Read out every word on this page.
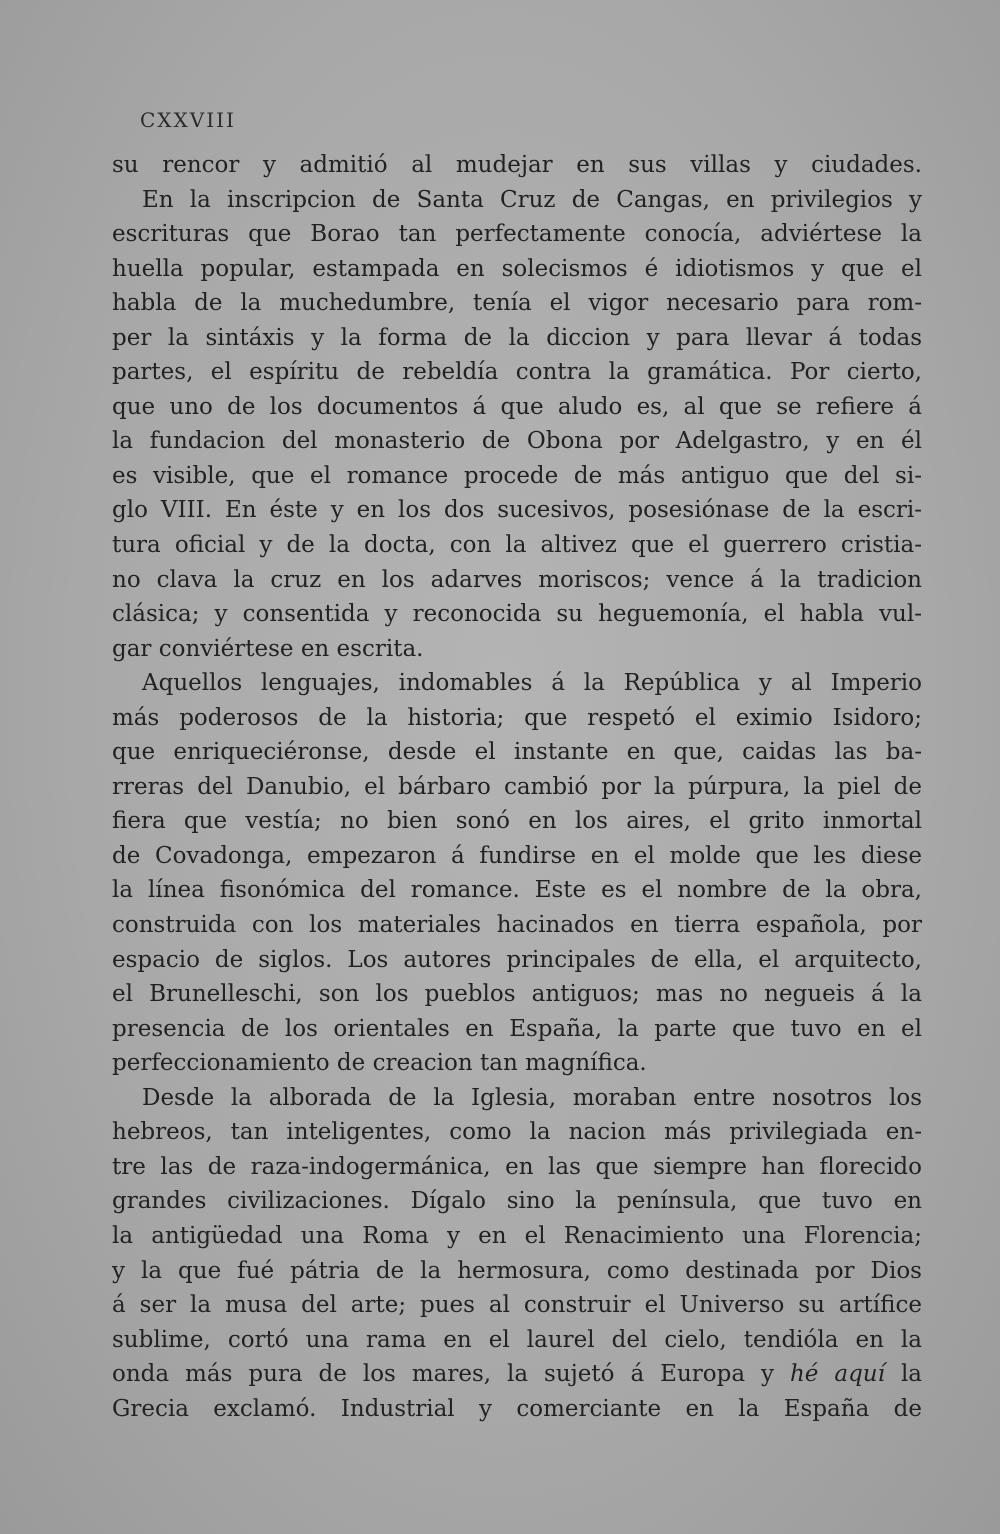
CXXVIII
su rencor y admitió al mudejar en sus villas y ciudades.
En la inscripcion de Santa Cruz de Cangas, en privilegios y
escrituras que Borao tan perfectamente conocía, adviértese la
huella popular, estampada en solecismos é idiotismos y que el
habla de la muchedumbre, tenía el vigor necesario para rom-
per la sintáxis y la forma de la diccion y para llevar á todas
partes, el espíritu de rebeldía contra la gramática. Por cierto,
que uno de los documentos á que aludo es, al que se refiere á
la fundacion del monasterio de Obona por Adelgastro, y en él
es visible, que el romance procede de más antiguo que del si-
glo VIII. En éste y en los dos sucesivos, posesiónase de la escri-
tura oficial y de la docta, con la altivez que el guerrero cristia-
no clava la cruz en los adarves moriscos; vence á la tradicion
clásica; y consentida y reconocida su heguemonía, el habla vul-
gar conviértese en escrita.
Aquellos lenguajes, indomables á la República y al Imperio
más poderosos de la historia; que respetó el eximio Isidoro;
que enriqueciéronse, desde el instante en que, caidas las ba-
rreras del Danubio, el bárbaro cambió por la púrpura, la piel de
fiera que vestía; no bien sonó en los aires, el grito inmortal
de Covadonga, empezaron á fundirse en el molde que les diese
la línea fisonómica del romance. Este es el nombre de la obra,
construida con los materiales hacinados en tierra española, por
espacio de siglos. Los autores principales de ella, el arquitecto,
el Brunelleschi, son los pueblos antiguos; mas no negueis á la
presencia de los orientales en España, la parte que tuvo en el
perfeccionamiento de creacion tan magnífica.
Desde la alborada de la Iglesia, moraban entre nosotros los
hebreos, tan inteligentes, como la nacion más privilegiada en-
tre las de raza-indogermánica, en las que siempre han florecido
grandes civilizaciones. Dígalo sino la península, que tuvo en
la antigüedad una Roma y en el Renacimiento una Florencia;
y la que fué pátria de la hermosura, como destinada por Dios
á ser la musa del arte; pues al construir el Universo su artífice
sublime, cortó una rama en el laurel del cielo, tendióla en la
onda más pura de los mares, la sujetó á Europa y hé aquí la
Grecia exclamó. Industrial y comerciante en la España de
